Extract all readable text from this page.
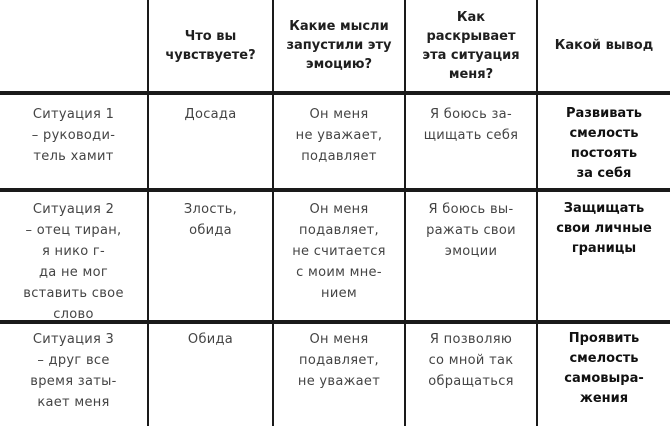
Что вы
чувствуете?
Какие мысли
запустили эту
эмоцию?
Как
раскрывает
эта ситуация
меня?
Какой вывод
Ситуация 1
– руководи-
тель хамит
Досада	Он меня
не уважает,
подавляет
Я боюсь за-
щищать себя
Развивать
смелость
постоять
за себя
Ситуация 2
– отец тиран,
я нико г-
да не мог
вставить свое
слово
Злость,
обида
Он меня
подавляет,
не считается
с моим мне-
нием
Я боюсь вы-
ражать свои
эмоции
Защищать
свои личные
границы
Ситуация 3
– друг все
время заты-
кает меня
Обида	Он меня
подавляет,
не уважает
Я позволяю
со мной так
обращаться
Проявить
смелость
самовыра-
жения
